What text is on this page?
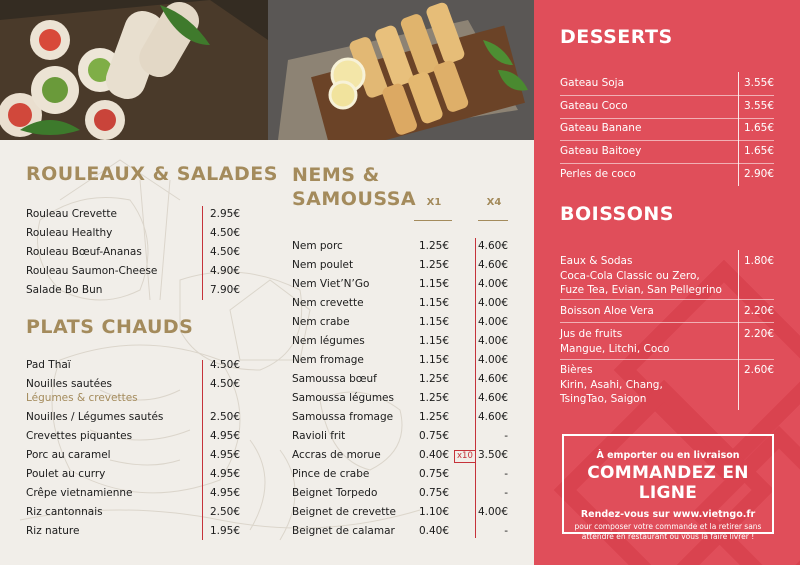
ROULEAUX & SALADES
Rouleau Crevette	2.95€
Rouleau Healthy	4.50€
Rouleau Bœuf-Ananas	4.50€
Rouleau Saumon-Cheese	4.90€
Salade Bo Bun	7.90€
PLATS CHAUDS
Pad Thaï	4.50€
Nouilles sautées	4.50€
Légumes & crevettes
Nouilles / Légumes sautés	2.50€
Crevettes piquantes	4.95€
Porc au caramel	4.95€
Poulet au curry	4.95€
Crêpe vietnamienne	4.95€
Riz cantonnais	2.50€
Riz nature	1.95€
NEMS &
SAMOUSSA	X1	X4
Nem porc	1.25€	4.60€
Nem poulet	1.25€	4.60€
Nem Viet’N’Go	1.15€	4.00€
Nem crevette	1.15€	4.00€
Nem crabe	1.15€	4.00€
Nem légumes	1.15€	4.00€
Nem fromage	1.15€	4.00€
Samoussa bœuf	1.25€	4.60€
Samoussa légumes 1.25€	4.60€
Samoussa fromage 1.25€	4.60€
Ravioli frit	0.75€	-
Accras de morue	0.40€ x10 3.50€
Pince de crabe	0.75€	-
Beignet Torpedo	0.75€	-
Beignet de crevette 1.10€	4.00€
Beignet de calamar 0.40€	-
DESSERTS
Gateau Soja	3.55€
Gateau Coco	3.55€
Gateau Banane	1.65€
Gateau Baitoey	1.65€
Perles de coco	2.90€
BOISSONS
Eaux & Sodas	1.80€
Coca-Cola Classic ou Zero,
Fuze Tea, Evian, San Pellegrino
Boisson Aloe Vera	2.20€
Jus de fruits	2.20€
Mangue, Litchi, Coco
Bières	2.60€
Kirin, Asahi, Chang,
TsingTao, Saigon
À emporter ou en livraison
COMMANDEZ EN LIGNE
Rendez-vous sur www.vietngo.fr
pour composer votre commande et la retirer sans attendre en restaurant ou vous la faire livrer !
